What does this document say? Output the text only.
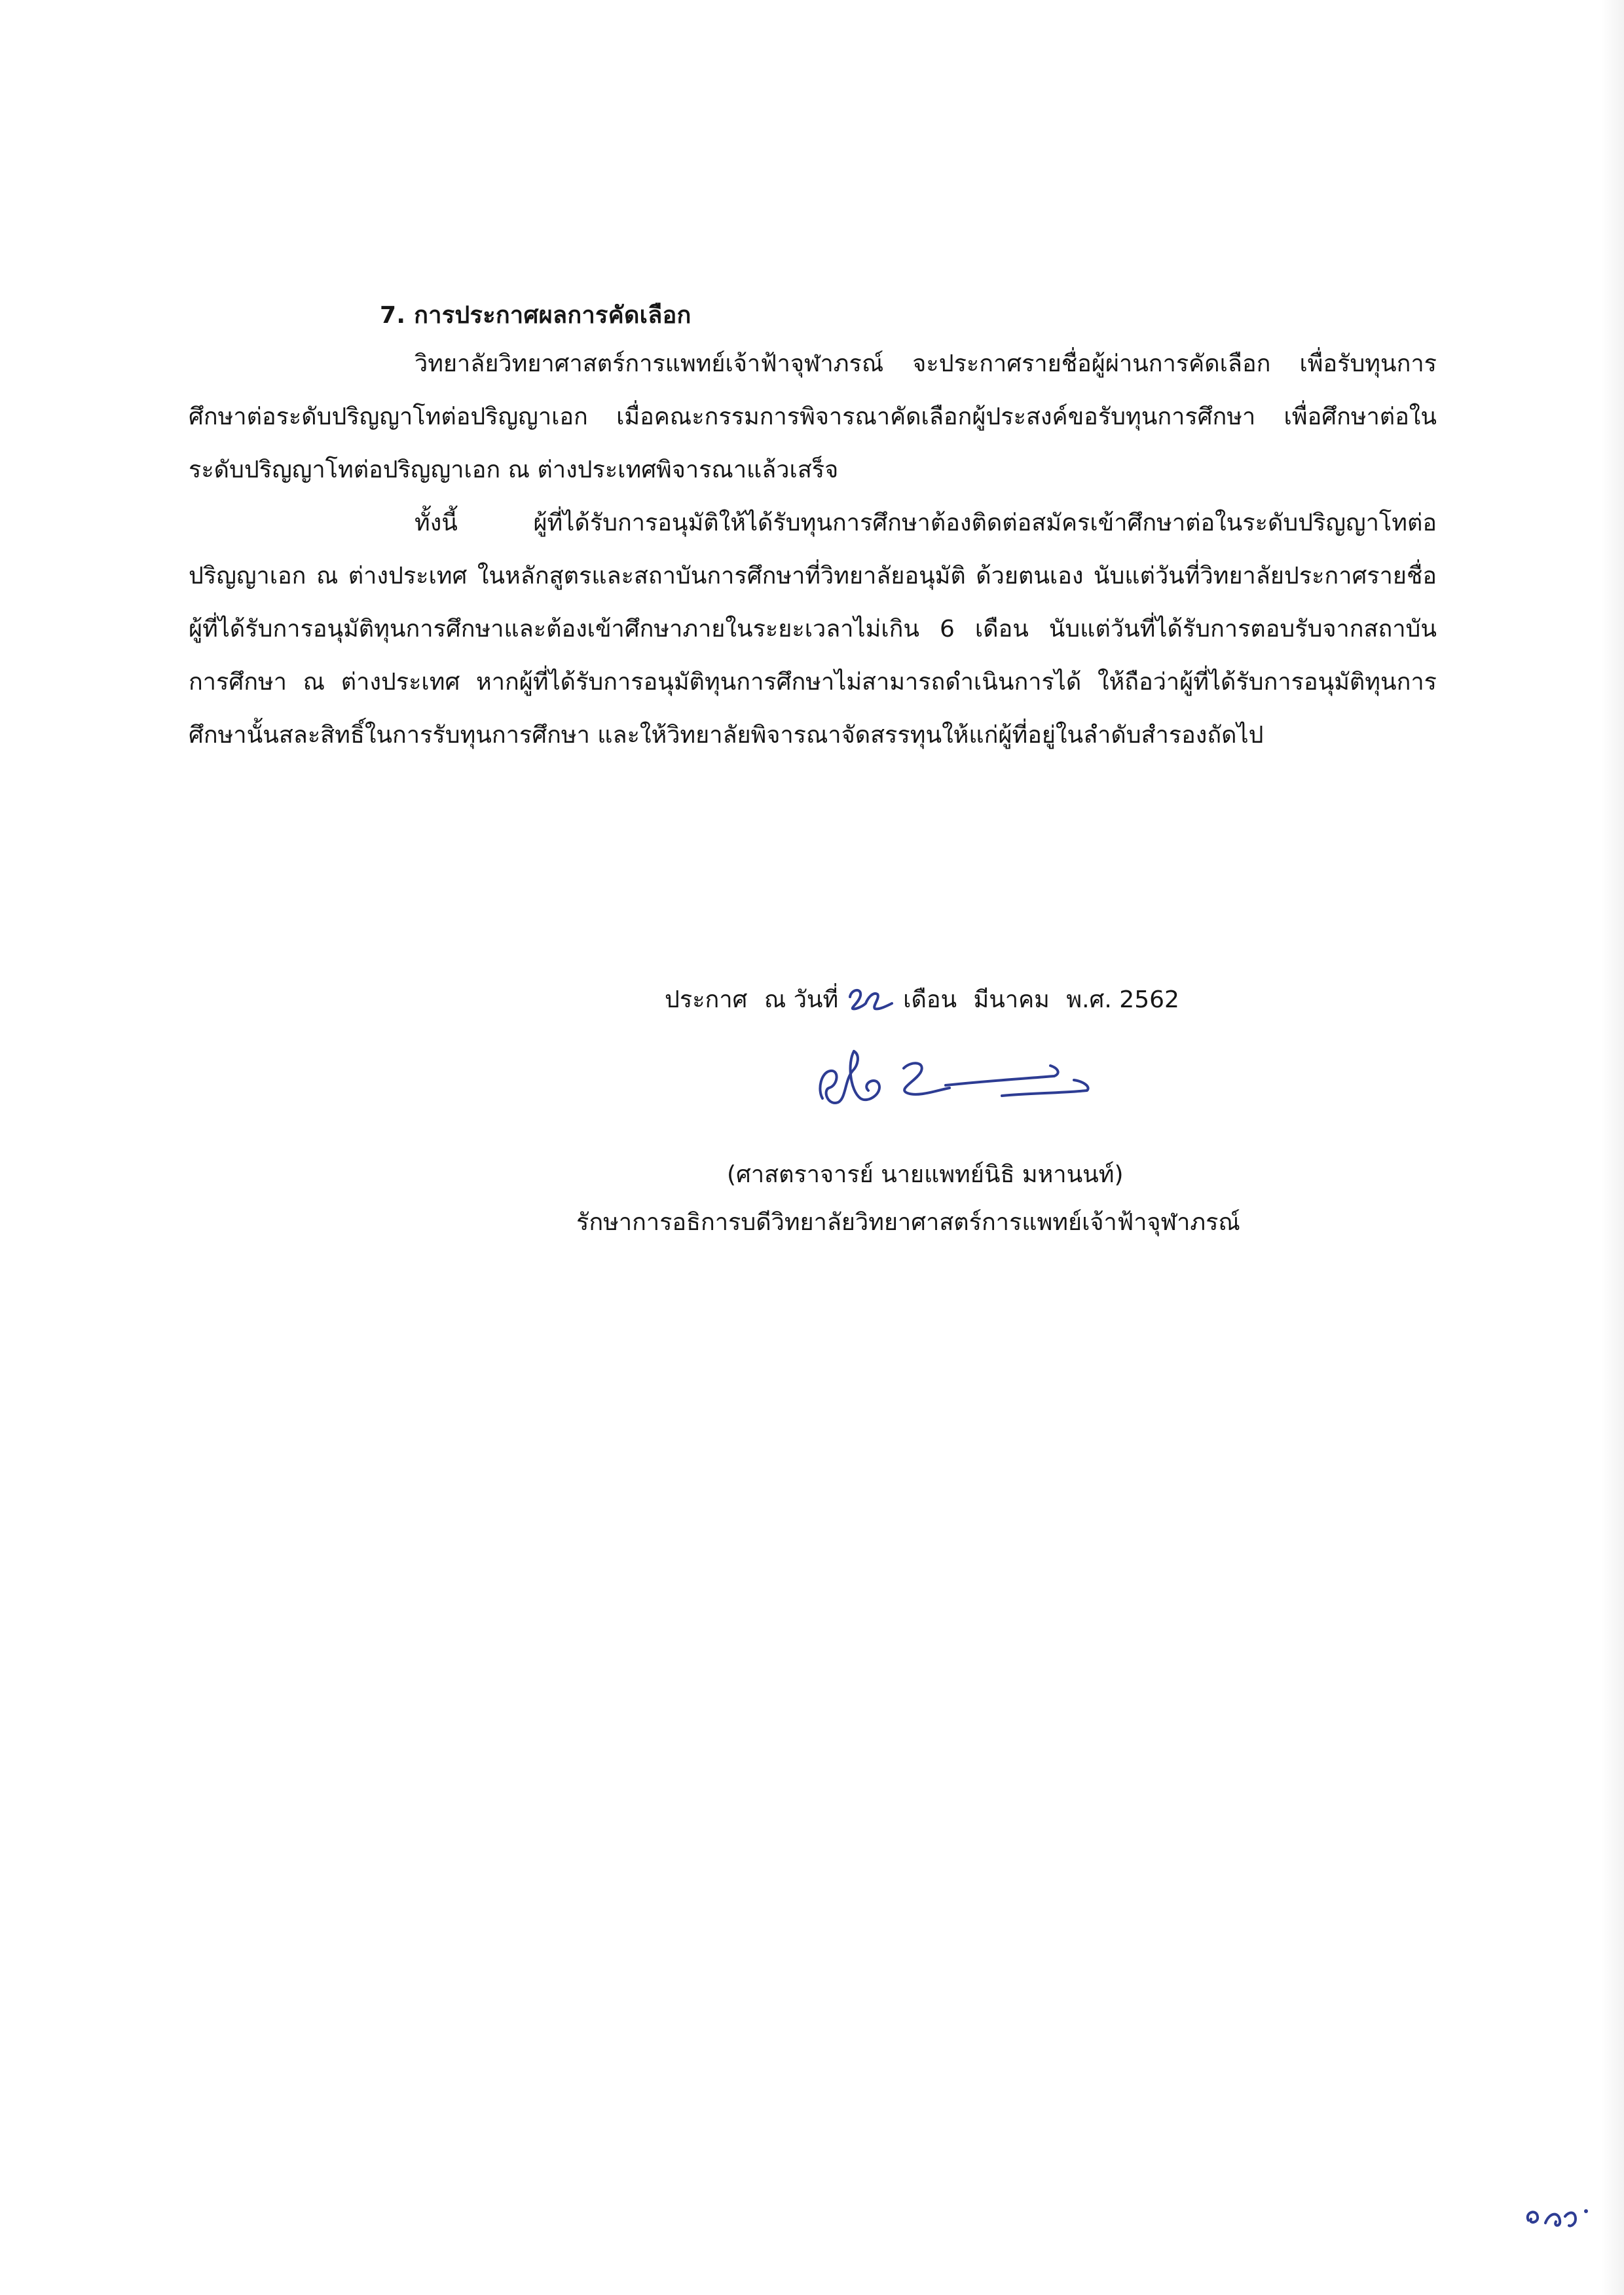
7. การประกาศผลการคัดเลือก

วิทยาลัยวิทยาศาสตร์การแพทย์เจ้าฟ้าจุฬาภรณ์ จะประกาศรายชื่อผู้ผ่านการคัดเลือก เพื่อรับทุนการศึกษาต่อระดับปริญญาโทต่อปริญญาเอก เมื่อคณะกรรมการพิจารณาคัดเลือกผู้ประสงค์ขอรับทุนการศึกษา เพื่อศึกษาต่อในระดับปริญญาโทต่อปริญญาเอก ณ ต่างประเทศพิจารณาแล้วเสร็จ

ทั้งนี้ ผู้ที่ได้รับการอนุมัติให้ได้รับทุนการศึกษาต้องติดต่อสมัครเข้าศึกษาต่อในระดับปริญญาโทต่อปริญญาเอก ณ ต่างประเทศ ในหลักสูตรและสถาบันการศึกษาที่วิทยาลัยอนุมัติ ด้วยตนเอง นับแต่วันที่วิทยาลัยประกาศรายชื่อผู้ที่ได้รับการอนุมัติทุนการศึกษาและต้องเข้าศึกษาภายในระยะเวลาไม่เกิน 6 เดือน นับแต่วันที่ได้รับการตอบรับจากสถาบันการศึกษา ณ ต่างประเทศ หากผู้ที่ได้รับการอนุมัติทุนการศึกษาไม่สามารถดำเนินการได้ ให้ถือว่าผู้ที่ได้รับการอนุมัติทุนการศึกษานั้นสละสิทธิ์ในการรับทุนการศึกษา และให้วิทยาลัยพิจารณาจัดสรรทุนให้แก่ผู้ที่อยู่ในลำดับสำรองถัดไป

ประกาศ ณ วันที่	เดือน มีนาคม พ.ศ. 2562
(ศาสตราจารย์ นายแพทย์นิธิ มหานนท์)
รักษาการอธิการบดีวิทยาลัยวิทยาศาสตร์การแพทย์เจ้าฟ้าจุฬาภรณ์
